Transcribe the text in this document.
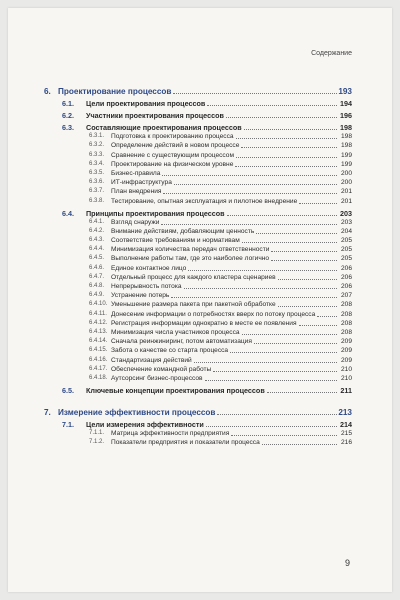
Содержание
6. Проектирование процессов	193
6.1.	Цели проектирования процессов	194
6.2.	Участники проектирования процессов	196
6.3.	Составляющие проектирования процессов	198
6.3.1.	Подготовка к проектированию процесса	198
6.3.2.	Определение действий в новом процессе	198
6.3.3.	Сравнение с существующим процессом	199
6.3.4.	Проектирование на физическом уровне	199
6.3.5.	Бизнес-правила	200
6.3.6.	ИТ-инфраструктура	200
6.3.7.	План внедрения	201
6.3.8.	Тестирование, опытная эксплуатация и пилотное внедрение	201
6.4.	Принципы проектирования процессов	203
6.4.1.	Взгляд снаружи	203
6.4.2.	Внимание действиям, добавляющим ценность	204
6.4.3.	Соответствие требованиям и нормативам	205
6.4.4.	Минимизация количества передач ответственности	205
6.4.5.	Выполнение работы там, где это наиболее логично	205
6.4.6.	Единое контактное лицо	206
6.4.7.	Отдельный процесс для каждого кластера сценариев	206
6.4.8.	Непрерывность потока	206
6.4.9.	Устранение потерь	207
6.4.10. Уменьшение размера пакета при пакетной обработке	208
6.4.11. Донесение информации о потребностях вверх по потоку процесса	208
6.4.12. Регистрация информации однократно в месте ее появления	208
6.4.13. Минимизация числа участников процесса	208
6.4.14. Сначала реинжиниринг, потом автоматизация	209
6.4.15. Забота о качестве со старта процесса	209
6.4.16. Стандартизация действий	209
6.4.17. Обеспечение командной работы	210
6.4.18. Аутсорсинг бизнес-процессов	210
6.5.	Ключевые концепции проектирования процессов	211
7. Измерение эффективности процессов	213
7.1.	Цели измерения эффективности	214
7.1.1.	Матрица эффективности предприятия	215
7.1.2.	Показатели предприятия и показатели процесса	216
9
